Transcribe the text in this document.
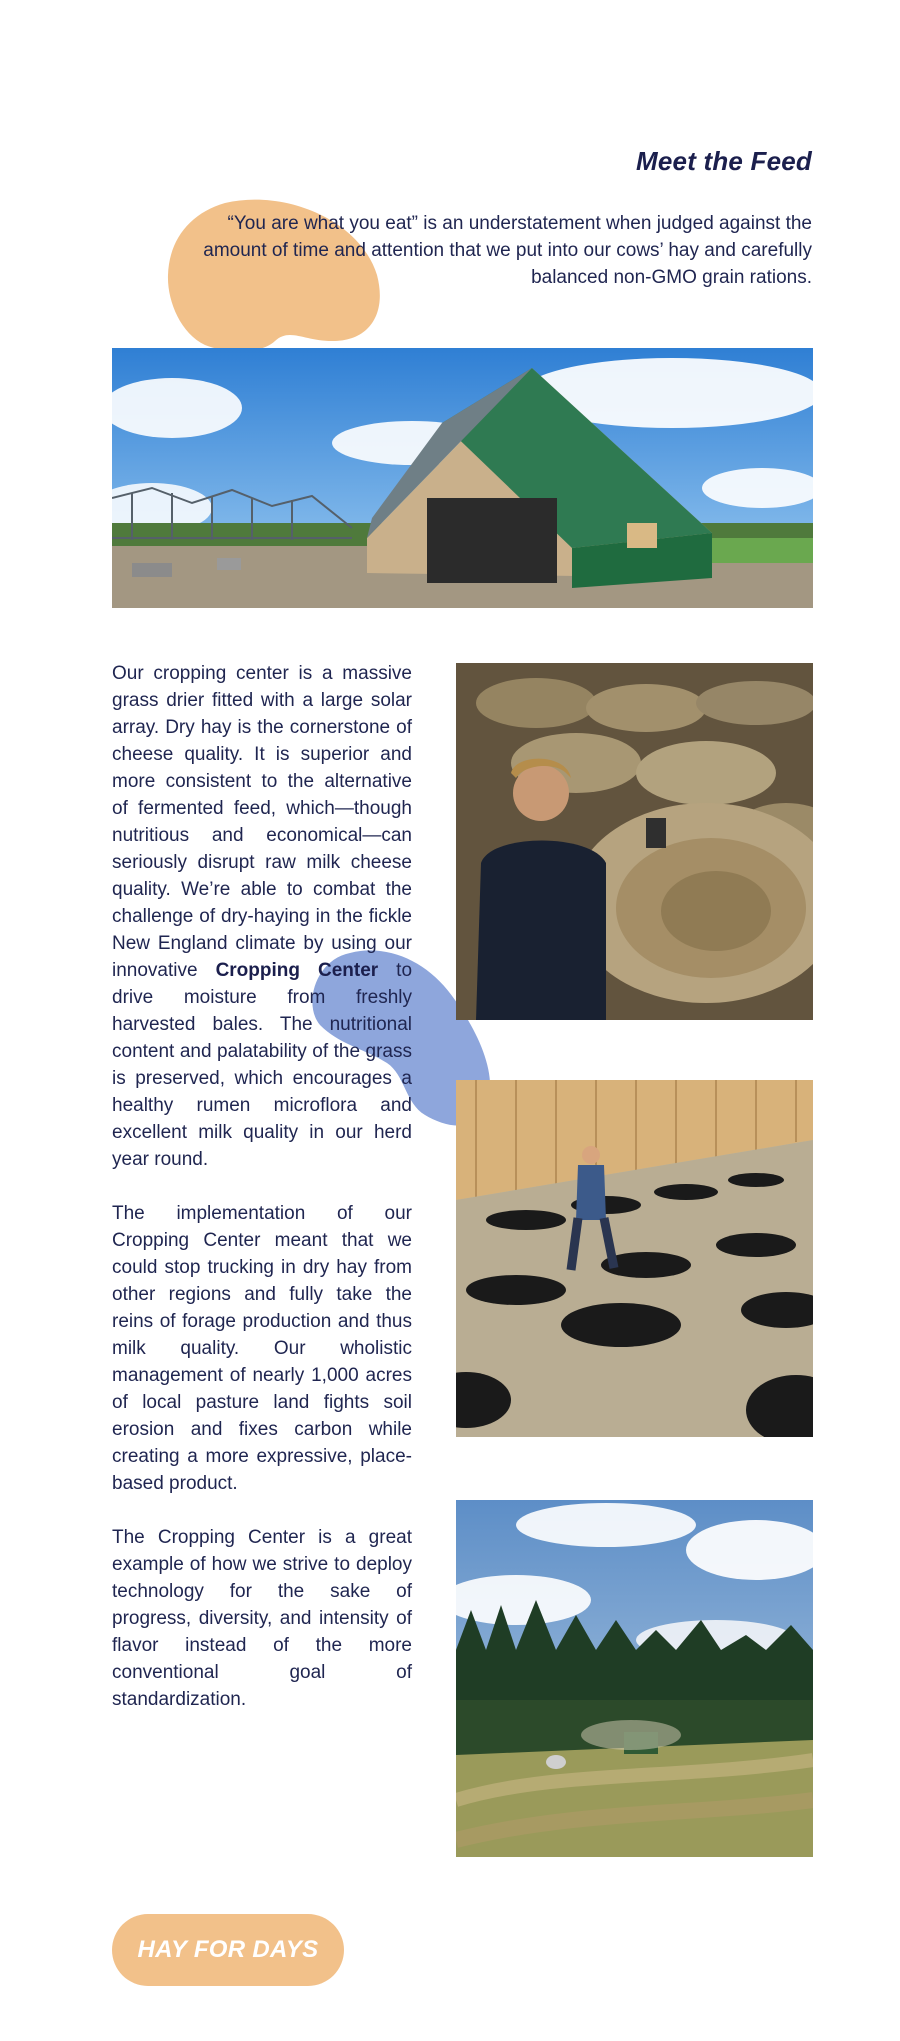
Meet the Feed

“You are what you eat” is an understatement when judged against the amount of time and attention that we put into our cows’ hay and carefully balanced non-GMO grain rations.

Our cropping center is a massive grass drier fitted with a large solar array. Dry hay is the cornerstone of cheese quality. It is superior and more consistent to the alternative of fermented feed, which—though nutritious and economical—can seriously disrupt raw milk cheese quality. We’re able to combat the challenge of dry-haying in the fickle New England climate by using our innovative Cropping Center to drive moisture from freshly harvested bales. The nutritional content and palatability of the grass is preserved, which encourages a healthy rumen microflora and excellent milk quality in our herd year round.

The implementation of our Cropping Center meant that we could stop trucking in dry hay from other regions and fully take the reins of forage production and thus milk quality. Our wholistic management of nearly 1,000 acres of local pasture land fights soil erosion and fixes carbon while creating a more expressive, place-based product.

The Cropping Center is a great example of how we strive to deploy technology for the sake of progress, diversity, and intensity of flavor instead of the more conventional goal of standardization.

HAY FOR DAYS
